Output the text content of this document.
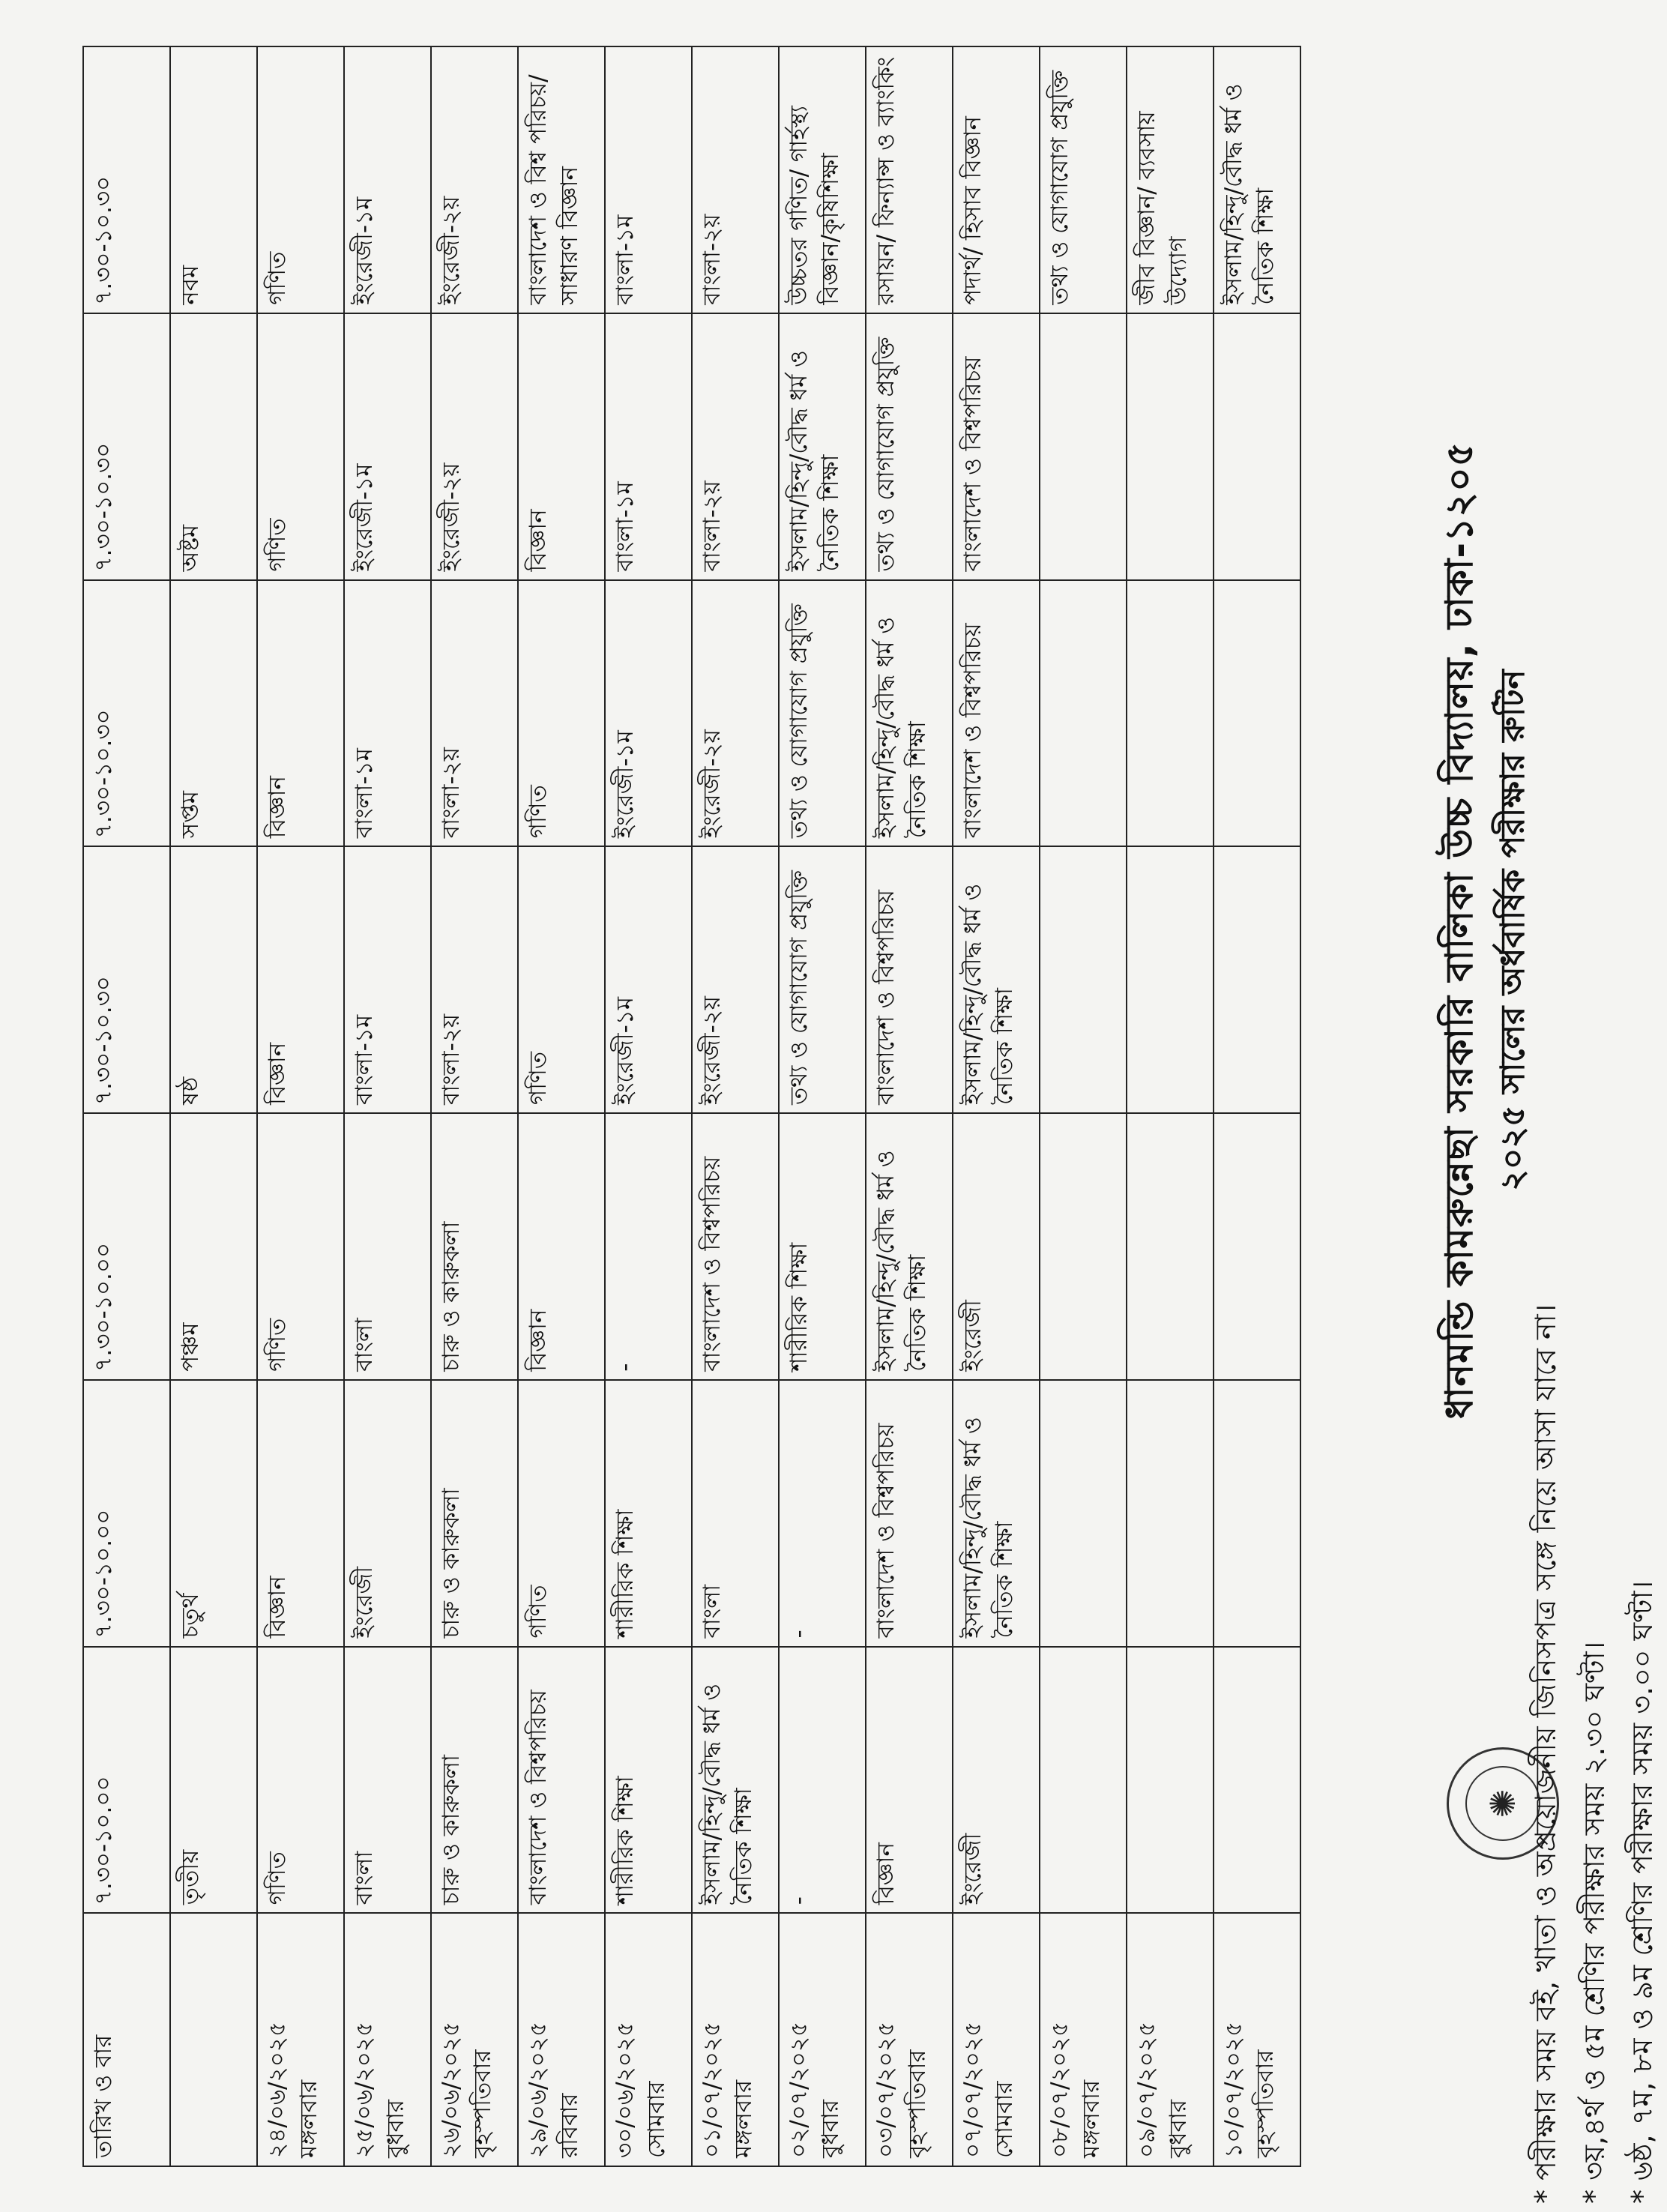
✺
ধানমন্ডি কামরুন্নেছা সরকারি বালিকা উচ্চ বিদ্যালয়, ঢাকা-১২০৫ ২০২৫ সালের অর্ধবার্ষিক পরীক্ষার রুটিন
তারিখ ও বার	৭.৩০-১০.০০	৭.৩০-১০.০০	৭.৩০-১০.০০	৭.৩০-১০.৩০	৭.৩০-১০.৩০	৭.৩০-১০.৩০	৭.৩০-১০.৩০
	তৃতীয়	চতুর্থ	পঞ্চম	ষষ্ঠ	সপ্তম	অষ্টম	নবম

২৪/০৬/২০২৫ মঙ্গলবার	গণিত	বিজ্ঞান	গণিত	বিজ্ঞান	বিজ্ঞান	গণিত	গণিত

২৫/০৬/২০২৫ বুধবার	বাংলা	ইংরেজী	বাংলা	বাংলা-১ম	বাংলা-১ম	ইংরেজী-১ম	ইংরেজী-১ম

২৬/০৬/২০২৫ বৃহস্পতিবার	চারু ও কারুকলা	চারু ও কারুকলা	চারু ও কারুকলা	বাংলা-২য়	বাংলা-২য়	ইংরেজী-২য়	ইংরেজী-২য়

২৯/০৬/২০২৫ রবিবার	বাংলাদেশ ও বিশ্বপরিচয়	গণিত	বিজ্ঞান	গণিত	গণিত	বিজ্ঞান	বাংলাদেশ ও বিশ্ব পরিচয়/ সাধারণ বিজ্ঞান

৩০/০৬/২০২৫ সোমবার	শারীরিক শিক্ষা	শারীরিক শিক্ষা	-	ইংরেজী-১ম	ইংরেজী-১ম	বাংলা-১ম	বাংলা-১ম

০১/০৭/২০২৫ মঙ্গলবার	ইসলাম/হিন্দু/বৌদ্ধ ধর্ম ও নৈতিক শিক্ষা	বাংলা	বাংলাদেশ ও বিশ্বপরিচয়	ইংরেজী-২য়	ইংরেজী-২য়	বাংলা-২য়	বাংলা-২য়

০২/০৭/২০২৫ বুধবার	-	-	শারীরিক শিক্ষা	তথ্য ও যোগাযোগ প্রযুক্তি	তথ্য ও যোগাযোগ প্রযুক্তি	ইসলাম/হিন্দু/বৌদ্ধ ধর্ম ও নৈতিক শিক্ষা	উচ্চতর গণিত/ গার্হস্থ্য বিজ্ঞান/কৃষিশিক্ষা

০৩/০৭/২০২৫ বৃহস্পতিবার	বিজ্ঞান	বাংলাদেশ ও বিশ্বপরিচয়	ইসলাম/হিন্দু/বৌদ্ধ ধর্ম ও নৈতিক শিক্ষা	বাংলাদেশ ও বিশ্বপরিচয়	ইসলাম/হিন্দু/বৌদ্ধ ধর্ম ও নৈতিক শিক্ষা	তথ্য ও যোগাযোগ প্রযুক্তি	রসায়ন/ ফিন্যান্স ও ব্যাংকিং

০৭/০৭/২০২৫ সোমবার	ইংরেজী	ইসলাম/হিন্দু/বৌদ্ধ ধর্ম ও নৈতিক শিক্ষা	ইংরেজী	ইসলাম/হিন্দু/বৌদ্ধ ধর্ম ও নৈতিক শিক্ষা	বাংলাদেশ ও বিশ্বপরিচয়	বাংলাদেশ ও বিশ্বপরিচয়	পদার্থ/ হিসাব বিজ্ঞান

০৮/০৭/২০২৫ মঙ্গলবার							তথ্য ও যোগাযোগ প্রযুক্তি

০৯/০৭/২০২৫ বুধবার							জীব বিজ্ঞান/ ব্যবসায় উদ্যোগ

১০/০৭/২০২৫ বৃহস্পতিবার							ইসলাম/হিন্দু/বৌদ্ধ ধর্ম ও নৈতিক শিক্ষা
* পরীক্ষার সময় বই, খাতা ও অপ্রয়োজনীয় জিনিসপত্র সঙ্গে নিয়ে আসা যাবে না। * ৩য়,৪র্থ ও ৫ম শ্রেণির পরীক্ষার সময় ২.৩০ ঘণ্টা। * ৬ষ্ঠ, ৭ম, ৮ম ও ৯ম শ্রেণির পরীক্ষার সময় ৩.০০ ঘণ্টা।
